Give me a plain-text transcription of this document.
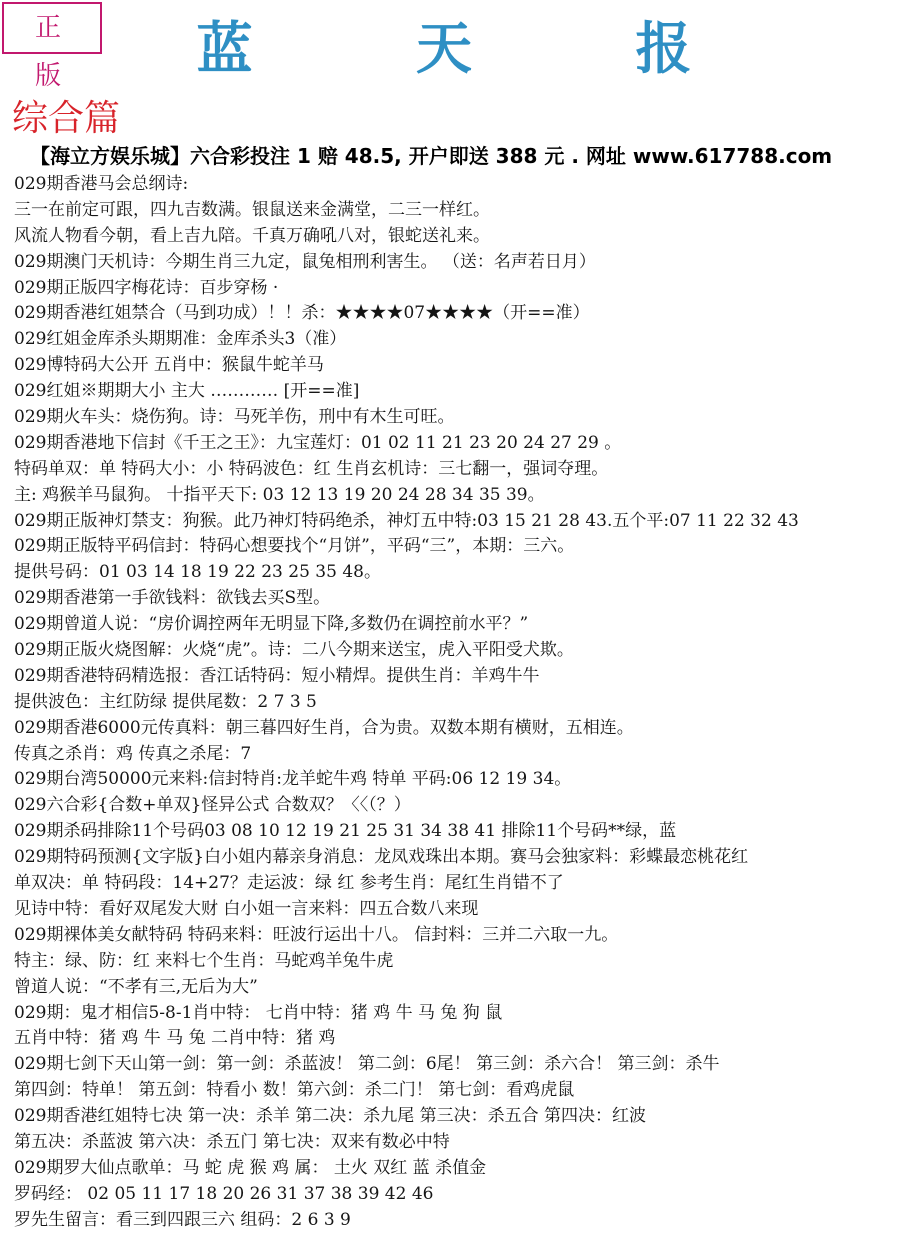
正 版	蓝 天 报
综合篇
【海立方娱乐城】六合彩投注 1 赔 48.5, 开户即送 388 元 . 网址 www.617788.com
029期香港马会总纲诗:
三一在前定可跟，四九吉数满。银鼠送来金满堂，二三一样红。
风流人物看今朝，看上吉九陪。千真万确吼八对，银蛇送礼来。
029期澳门天机诗：今期生肖三九定，鼠兔相刑利害生。 （送：名声若日月）
029期正版四字梅花诗：百步穿杨 ·
029期香港红姐禁合（马到功成）！！杀：★★★★07★★★★（开==准）
029红姐金库杀头期期准：金库杀头3（准）
029博特码大公开 五肖中：猴鼠牛蛇羊马
029红姐※期期大小 主大 ………… [开==准]
029期火车头：烧伤狗。诗：马死羊伤，刑中有木生可旺。
029期香港地下信封《千王之王》：九宝莲灯：01 02 11 21 23 20 24 27 29 。
特码单双：单 特码大小：小 特码波色：红 生肖玄机诗：三七翻一，强词夺理。
主: 鸡猴羊马鼠狗。 十指平天下: 03 12 13 19 20 24 28 34 35 39。
029期正版神灯禁支：狗猴。此乃神灯特码绝杀，神灯五中特:03 15 21 28 43.五个平:07 11 22 32 43
029期正版特平码信封：特码心想要找个“月饼”，平码“三”，本期：三六。
提供号码：01 03 14 18 19 22 23 25 35 48。
029期香港第一手欲钱料：欲钱去买S型。
029期曾道人说：“房价调控两年无明显下降,多数仍在调控前水平？”
029期正版火烧图解：火烧“虎”。诗：二八今期来送宝，虎入平阳受犬欺。
029期香港特码精选报：香江话特码：短小精焊。提供生肖：羊鸡牛牛
提供波色：主红防绿 提供尾数：2 7 3 5
029期香港6000元传真料：朝三暮四好生肖，合为贵。双数本期有横财，五相连。
传真之杀肖：鸡 传真之杀尾：7
029期台湾50000元来料:信封特肖:龙羊蛇牛鸡 特单 平码:06 12 19 34。
029六合彩{合数+单双}怪异公式 合数双？〈〈（？）
029期杀码排除11个号码03 08 10 12 19 21 25 31 34 38 41 排除11个号码**绿，蓝
029期特码预测{文字版}白小姐内幕亲身消息：龙凤戏珠出本期。赛马会独家料：彩蝶最恋桃花红
单双决：单 特码段：14+27？走运波：绿 红 参考生肖：尾红生肖错不了
见诗中特：看好双尾发大财 白小姐一言来料：四五合数八来现
029期裸体美女献特码 特码来料：旺波行运出十八。 信封料：三并二六取一九。
特主：绿、防：红 来料七个生肖：马蛇鸡羊兔牛虎
曾道人说：“不孝有三,无后为大”
029期：鬼才相信5-8-1肖中特： 七肖中特：猪 鸡 牛 马 兔 狗 鼠
五肖中特：猪 鸡 牛 马 兔 二肖中特：猪 鸡
029期七剑下天山第一剑：第一剑：杀蓝波！ 第二剑：6尾！ 第三剑：杀六合！ 第三剑：杀牛
第四剑：特单！ 第五剑：特看小 数！第六剑：杀二门！ 第七剑：看鸡虎鼠
029期香港红姐特七决 第一决：杀羊 第二决：杀九尾 第三决：杀五合 第四决：红波
第五决：杀蓝波 第六决：杀五门 第七决：双来有数必中特
029期罗大仙点歌单：马 蛇 虎 猴 鸡 属： 土火 双红 蓝 杀值金
罗码经： 02 05 11 17 18 20 26 31 37 38 39 42 46
罗先生留言：看三到四跟三六 组码：2 6 3 9
